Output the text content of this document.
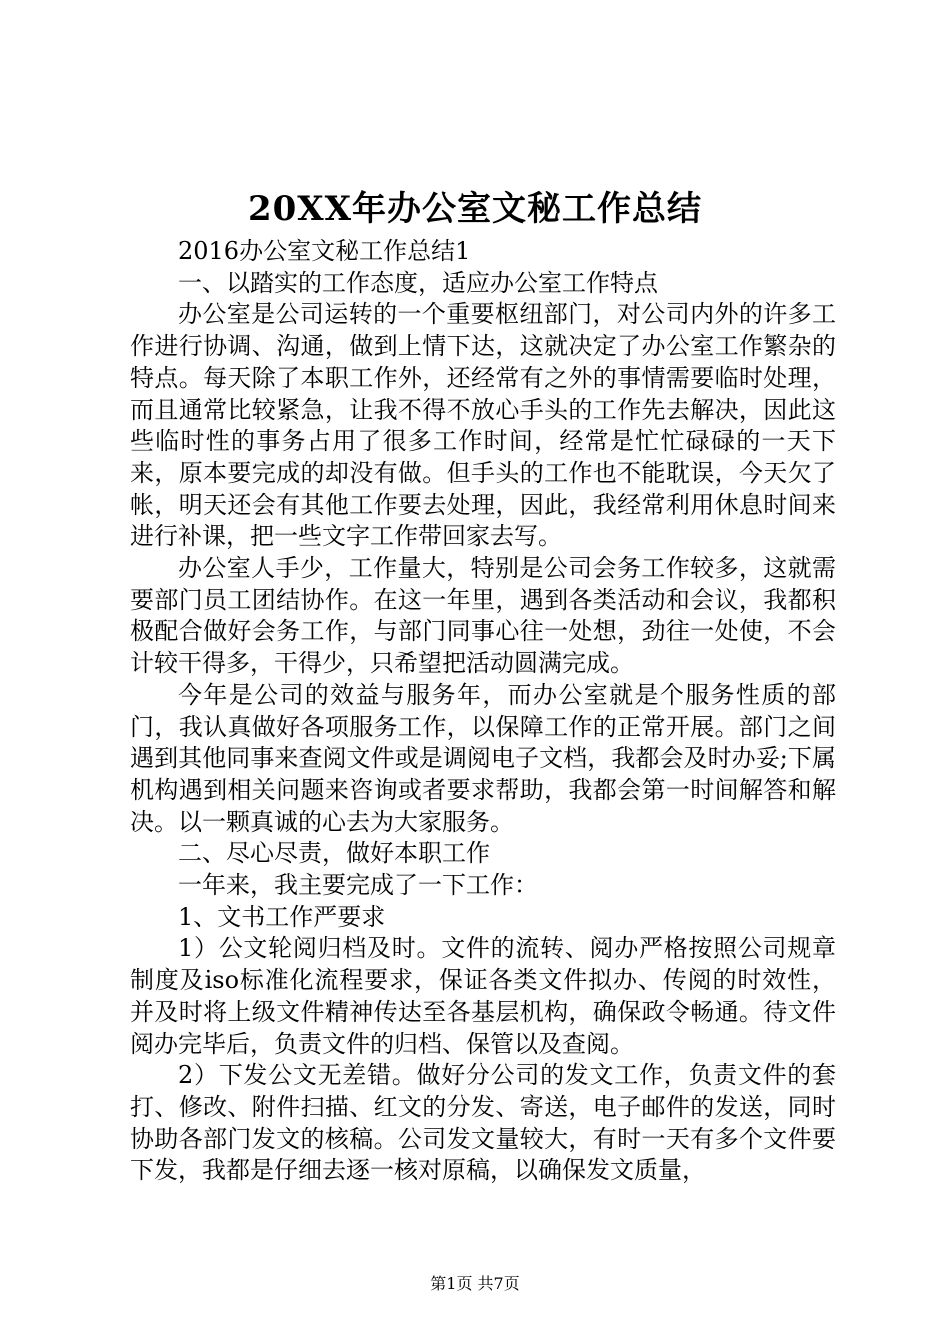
20XX年办公室文秘工作总结

2016办公室文秘工作总结1

一、以踏实的工作态度，适应办公室工作特点

办公室是公司运转的一个重要枢纽部门，对公司内外的许多工作进行协调、沟通，做到上情下达，这就决定了办公室工作繁杂的特点。每天除了本职工作外，还经常有之外的事情需要临时处理，而且通常比较紧急，让我不得不放心手头的工作先去解决，因此这些临时性的事务占用了很多工作时间，经常是忙忙碌碌的一天下来，原本要完成的却没有做。但手头的工作也不能耽误，今天欠了帐，明天还会有其他工作要去处理，因此，我经常利用休息时间来进行补课，把一些文字工作带回家去写。

办公室人手少，工作量大，特别是公司会务工作较多，这就需要部门员工团结协作。在这一年里，遇到各类活动和会议，我都积极配合做好会务工作，与部门同事心往一处想，劲往一处使，不会计较干得多，干得少，只希望把活动圆满完成。

今年是公司的效益与服务年，而办公室就是个服务性质的部门，我认真做好各项服务工作，以保障工作的正常开展。部门之间遇到其他同事来查阅文件或是调阅电子文档，我都会及时办妥;下属机构遇到相关问题来咨询或者要求帮助，我都会第一时间解答和解决。以一颗真诚的心去为大家服务。

二、尽心尽责，做好本职工作

一年来，我主要完成了一下工作：

1、文书工作严要求

1）公文轮阅归档及时。文件的流转、阅办严格按照公司规章制度及iso标准化流程要求，保证各类文件拟办、传阅的时效性，并及时将上级文件精神传达至各基层机构，确保政令畅通。待文件阅办完毕后，负责文件的归档、保管以及查阅。

2）下发公文无差错。做好分公司的发文工作，负责文件的套打、修改、附件扫描、红文的分发、寄送，电子邮件的发送，同时协助各部门发文的核稿。公司发文量较大，有时一天有多个文件要下发，我都是仔细去逐一核对原稿，以确保发文质量，

第1页 共7页
